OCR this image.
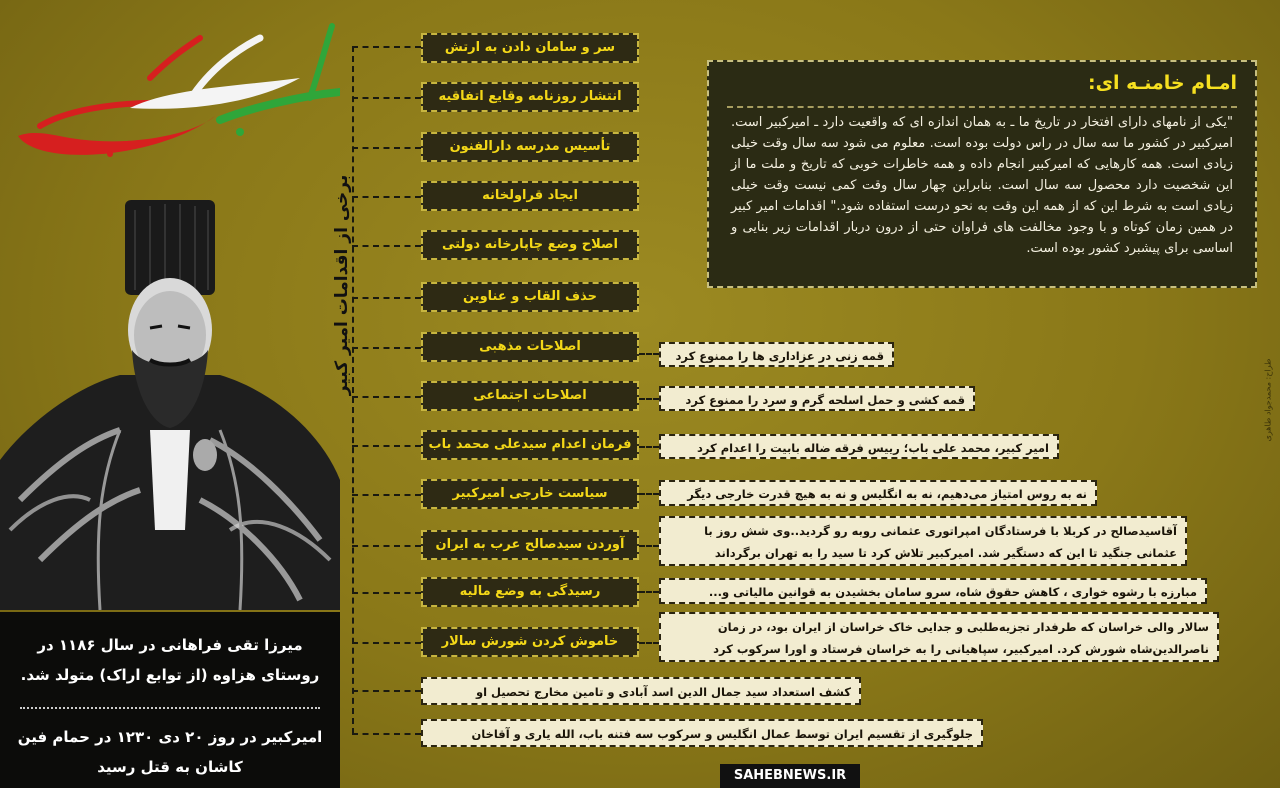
برخی از اقدامات امیر کبیر
سر و سامان دادن به ارتش
انتشار روزنامه وقایع اتفاقیه
تأسیس مدرسه دارالفنون
ایجاد قراولخانه
اصلاح وضع چاپارخانه دولتی
حذف القاب و عناوین
اصلاحات مذهبی
اصلاحات اجتماعی
فرمان اعدام سیدعلی محمد باب
سیاست خارجی امیرکبیر
آوردن سیدصالح عرب به ایران
رسیدگی به وضع مالیه
خاموش کردن شورش سالار
قمه زنی در عزاداری ها را ممنوع کرد
قمه کشی و حمل اسلحه گرم و سرد را ممنوع کرد
امیر کبیر، محمد علی باب؛ رییس فرقه ضاله بابیت را اعدام کرد
نه به روس امتیاز می‌دهیم، نه به انگلیس و نه به هیچ قدرت خارجی دیگر
آقاسیدصالح در کربلا با فرستادگان امپراتوری عثمانی روبه رو گردید..وی شش روز با
عثمانی جنگید تا این که دستگیر شد. امیرکبیر تلاش کرد تا سید را به تهران برگرداند
مبارزه با رشوه خواری ، کاهش حقوق شاه، سرو سامان بخشیدن به قوانین مالیاتی و...
سالار والی خراسان که طرفدار تجزیه‌طلبی و جدایی خاک خراسان از ایران بود، در زمان
ناصرالدین‌شاه شورش کرد. امیرکبیر، سپاهیانی را به خراسان فرستاد و اورا سرکوب کرد
کشف استعداد سید جمال الدین اسد آبادی و تامین مخارج تحصیل او
جلوگیری از تقسیم ایران توسط عمال انگلیس و سرکوب سه فتنه باب، الله یاری و آقاخان
امـام خامنـه ای:
"یکی از نامهای دارای افتخار در تاریخ ما ـ به همان اندازه ای که واقعیت دارد ـ امیرکبیر است. امیرکبیر در کشور ما سه سال در راس دولت بوده است. معلوم می شود سه سال وقت خیلی زیادی است. همه کارهایی که امیرکبیر انجام داده و همه خاطرات خوبی که تاریخ و ملت ما از این شخصیت دارد محصول سه سال است. بنابراین چهار سال وقت کمی نیست وقت خیلی زیادی است به شرط این که از همه این وقت به نحو درست استفاده شود." اقدامات امیر کبیر در همین زمان کوتاه و با وجود مخالفت های فراوان حتی از درون دربار اقدامات زیر بنایی و اساسی برای پیشبرد کشور بوده است.
میرزا تقی فراهانی در سال ۱۱۸۶ در روستای هزاوه (از توابع اراک) متولد شد.
امیرکبیر در روز ۲۰ دی ۱۲۳۰ در حمام فین کاشان به قتل رسید
طراح: محمدجواد طاهری
SAHEBNEWS.IR
